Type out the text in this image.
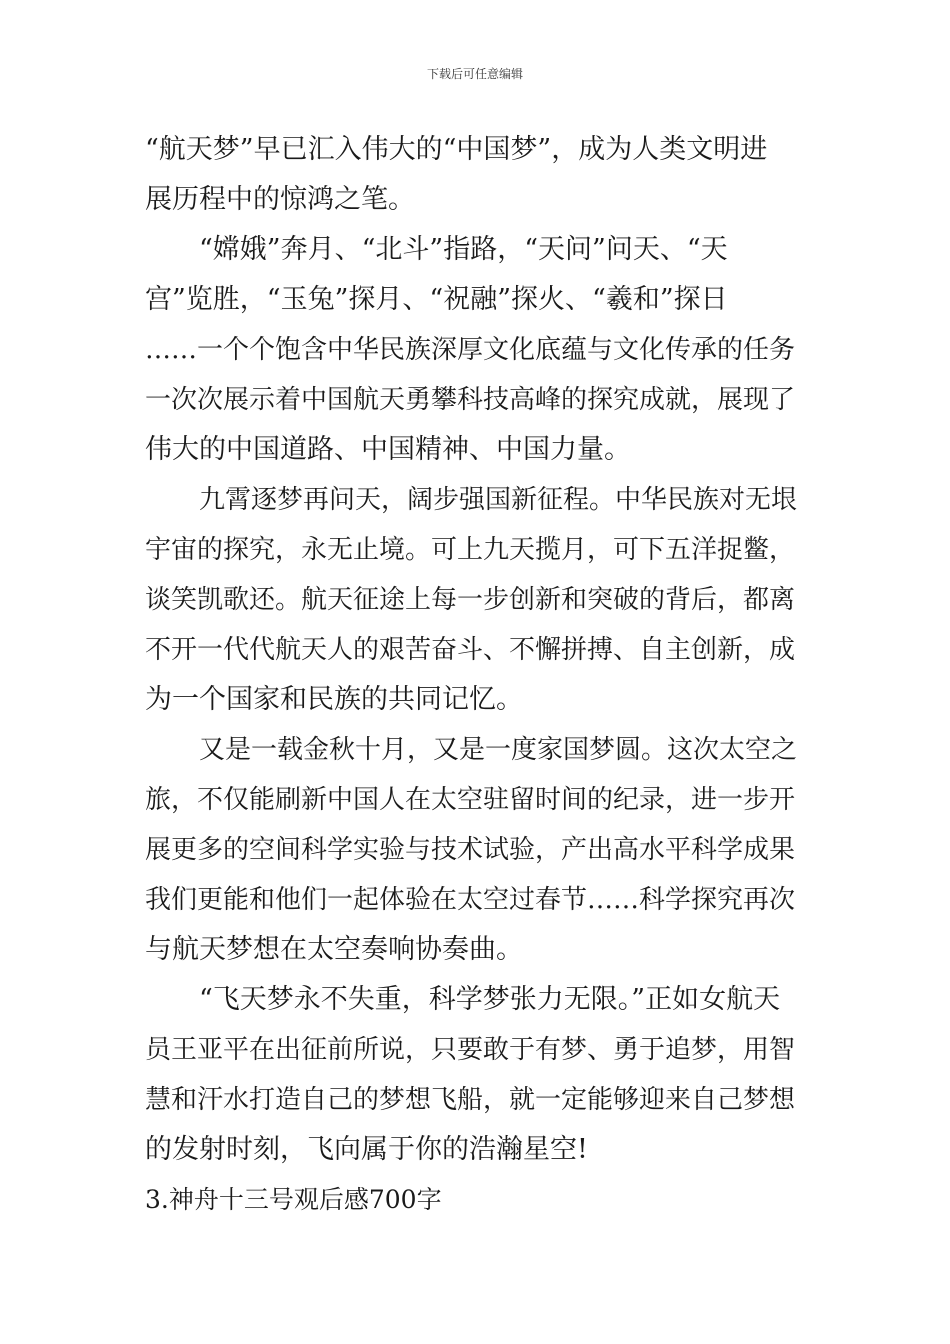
下载后可任意编辑
“航天梦”早已汇入伟大的“中国梦”，成为人类文明进
展历程中的惊鸿之笔。
“嫦娥”奔月、“北斗”指路，“天问”问天、“天
宫”览胜，“玉兔”探月、“祝融”探火、“羲和”探日
……一个个饱含中华民族深厚文化底蕴与文化传承的任务
一次次展示着中国航天勇攀科技高峰的探究成就，展现了
伟大的中国道路、中国精神、中国力量。
九霄逐梦再问天，阔步强国新征程。中华民族对无垠
宇宙的探究，永无止境。可上九天揽月，可下五洋捉鳖，
谈笑凯歌还。航天征途上每一步创新和突破的背后，都离
不开一代代航天人的艰苦奋斗、不懈拼搏、自主创新，成
为一个国家和民族的共同记忆。
又是一载金秋十月，又是一度家国梦圆。这次太空之
旅，不仅能刷新中国人在太空驻留时间的纪录，进一步开
展更多的空间科学实验与技术试验，产出高水平科学成果
我们更能和他们一起体验在太空过春节……科学探究再次
与航天梦想在太空奏响协奏曲。
“飞天梦永不失重，科学梦张力无限。”正如女航天
员王亚平在出征前所说，只要敢于有梦、勇于追梦，用智
慧和汗水打造自己的梦想飞船，就一定能够迎来自己梦想
的发射时刻，飞向属于你的浩瀚星空!
3.神舟十三号观后感700字
